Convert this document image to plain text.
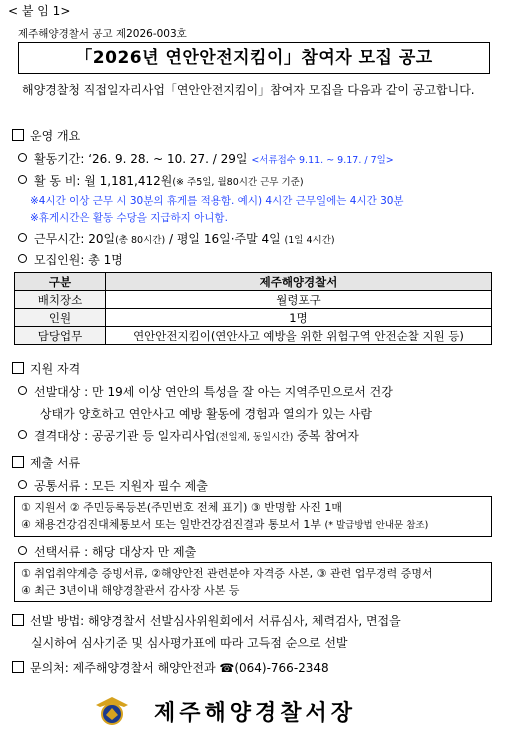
< 붙 임 1>
제주해양경찰서 공고 제2026-003호
「2026년 연안안전지킴이」참여자 모집 공고
해양경찰청 직접일자리사업「연안안전지킴이」참여자 모집을 다음과 같이 공고합니다.
운영 개요
활동기간: ‘26. 9. 28. ~ 10. 27. / 29일 <서류접수 9.11. ~ 9.17. / 7일>
활 동 비: 월 1,181,412원(※ 주5일, 월80시간 근무 기준)
※4시간 이상 근무 시 30분의 휴게를 적용함. 예시) 4시간 근무일에는 4시간 30분
※휴게시간은 활동 수당을 지급하지 아니함.
근무시간: 20일(총 80시간) / 평일 16일·주말 4일 (1일 4시간)
모집인원: 총 1명
구분	제주해양경찰서
배치장소	월령포구
인원	1명
담당업무	연안안전지킴이(연안사고 예방을 위한 위험구역 안전순찰 지원 등)
지원 자격
선발대상 : 만 19세 이상 연안의 특성을 잘 아는 지역주민으로서 건강
상태가 양호하고 연안사고 예방 활동에 경험과 열의가 있는 사람
결격대상 : 공공기관 등 일자리사업(전일제, 동일시간) 중복 참여자
제출 서류
공통서류 : 모든 지원자 필수 제출
① 지원서 ② 주민등록등본(주민번호 전체 표기) ③ 반명함 사진 1매
④ 채용건강검진대체통보서 또는 일반건강검진결과 통보서 1부 (* 발급방법 안내문 참조)
선택서류 : 해당 대상자 만 제출
① 취업취약계층 증빙서류, ②해양안전 관련분야 자격증 사본, ③ 관련 업무경력 증명서
④ 최근 3년이내 해양경찰관서 감사장 사본 등
선발 방법: 해양경찰서 선발심사위원회에서 서류심사, 체력검사, 면접을
실시하여 심사기준 및 심사평가표에 따라 고득점 순으로 선발
문의처: 제주해양경찰서 해양안전과 ☎(064)-766-2348
제주해양경찰서장
